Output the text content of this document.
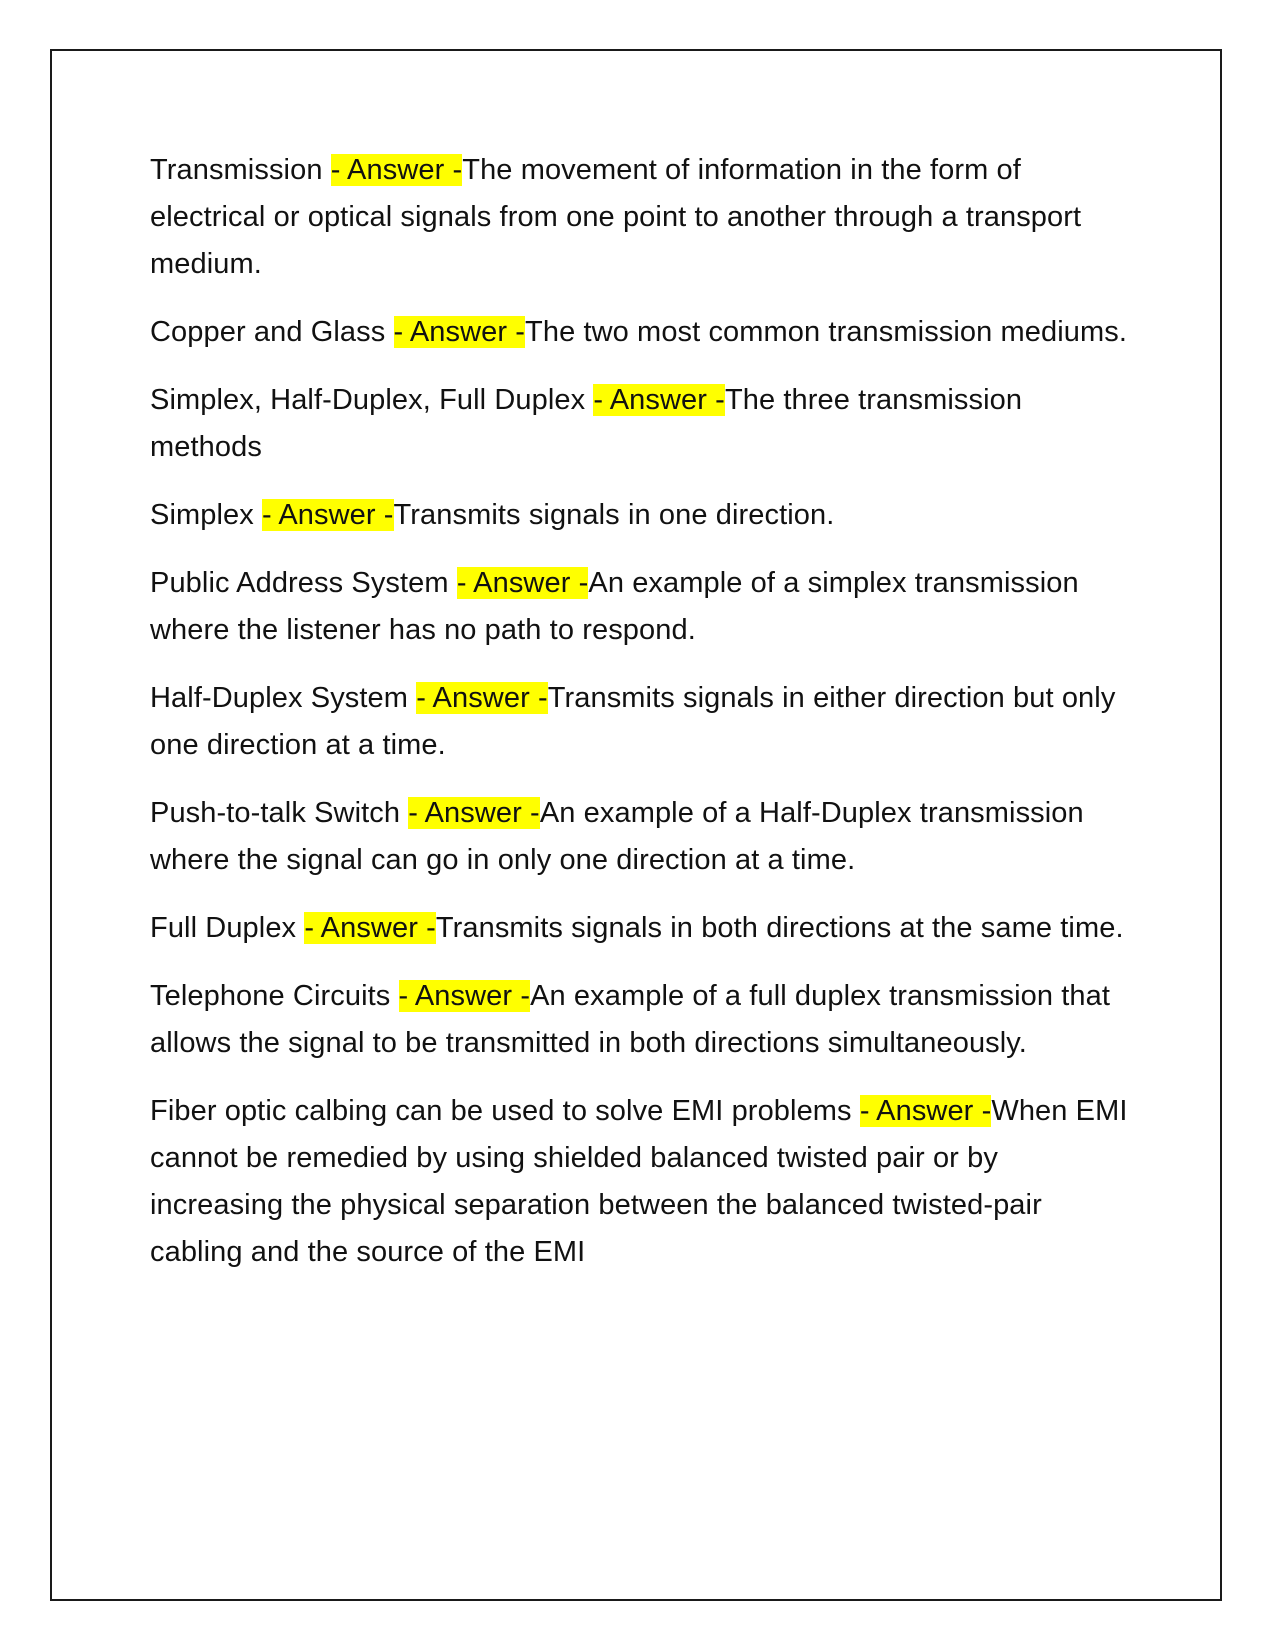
Transmission - Answer -The movement of information in the form of electrical or optical signals from one point to another through a transport medium.

Copper and Glass - Answer -The two most common transmission mediums.

Simplex, Half-Duplex, Full Duplex - Answer -The three transmission methods

Simplex - Answer -Transmits signals in one direction.

Public Address System - Answer -An example of a simplex transmission where the listener has no path to respond.

Half-Duplex System - Answer -Transmits signals in either direction but only one direction at a time.

Push-to-talk Switch - Answer -An example of a Half-Duplex transmission where the signal can go in only one direction at a time.

Full Duplex - Answer -Transmits signals in both directions at the same time.

Telephone Circuits - Answer -An example of a full duplex transmission that allows the signal to be transmitted in both directions simultaneously.

Fiber optic calbing can be used to solve EMI problems - Answer -When EMI cannot be remedied by using shielded balanced twisted pair or by increasing the physical separation between the balanced twisted-pair cabling and the source of the EMI
